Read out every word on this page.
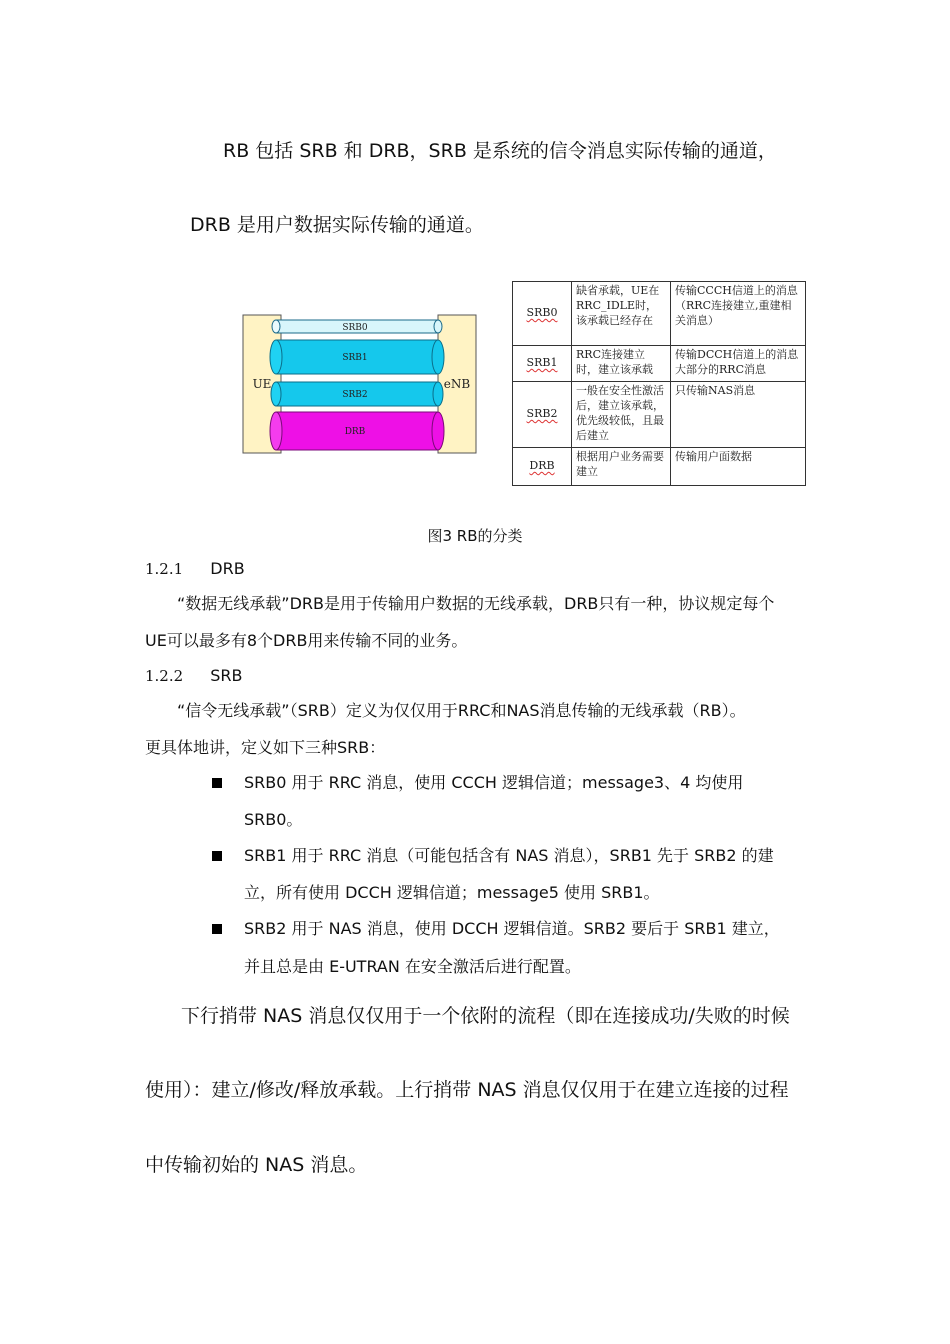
RB 包括 SRB 和 DRB，SRB 是系统的信令消息实际传输的通道，
DRB 是用户数据实际传输的通道。
UE	eNB
SRB0
SRB1
SRB2
DRB
SRB0	缺省承载，UE在RRC_IDLE时，该承载已经存在	传输CCCH信道上的消息（RRC连接建立,重建相关消息）
SRB1	RRC连接建立时，建立该承载	传输DCCH信道上的消息大部分的RRC消息
SRB2	一般在安全性激活后，建立该承载，优先级较低，且最后建立	只传输NAS消息
DRB	根据用户业务需要建立	传输用户面数据
图3 RB的分类
1.2.1 DRB
“数据无线承载”DRB是用于传输用户数据的无线承载，DRB只有一种，协议规定每个
UE可以最多有8个DRB用来传输不同的业务。
1.2.2 SRB
“信令无线承载”（SRB）定义为仅仅用于RRC和NAS消息传输的无线承载（RB）。
更具体地讲，定义如下三种SRB：
SRB0 用于 RRC 消息，使用 CCCH 逻辑信道；message3、4 均使用
SRB0。
SRB1 用于 RRC 消息（可能包括含有 NAS 消息），SRB1 先于 SRB2 的建
立，所有使用 DCCH 逻辑信道；message5 使用 SRB1。
SRB2 用于 NAS 消息，使用 DCCH 逻辑信道。SRB2 要后于 SRB1 建立，
并且总是由 E-UTRAN 在安全激活后进行配置。
下行捎带 NAS 消息仅仅用于一个依附的流程（即在连接成功/失败的时候
使用）：建立/修改/释放承载。上行捎带 NAS 消息仅仅用于在建立连接的过程
中传输初始的 NAS 消息。
